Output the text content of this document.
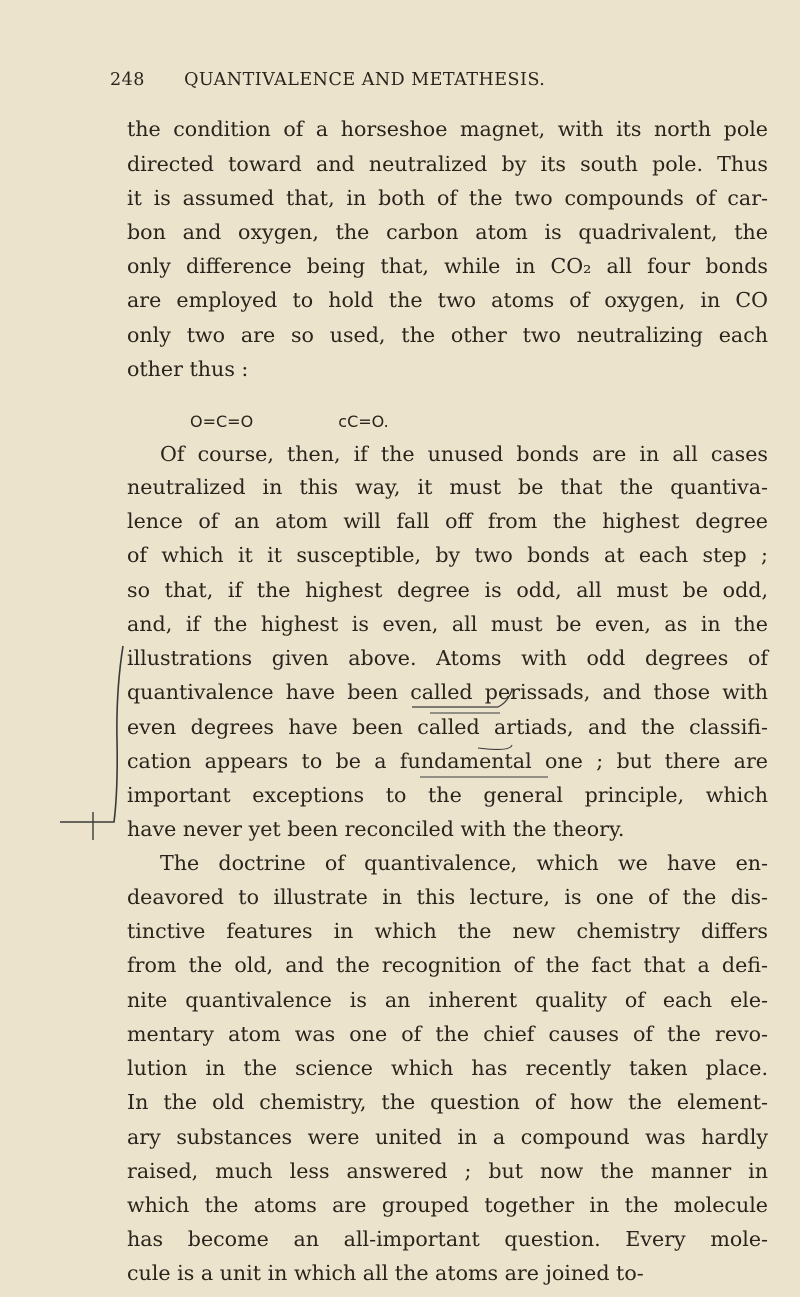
248 QUANTIVALENCE AND METATHESIS.
the condition of a horseshoe magnet, with its north pole
directed toward and neutralized by its south pole. Thus
it is assumed that, in both of the two compounds of car-
bon and oxygen, the carbon atom is quadrivalent, the
only difference being that, while in CO₂ all four bonds
are employed to hold the two atoms of oxygen, in CO
only two are so used, the other two neutralizing each
other thus :
O=C=O	cC=O.
Of course, then, if the unused bonds are in all cases
neutralized in this way, it must be that the quantiva-
lence of an atom will fall off from the highest degree
of which it it susceptible, by two bonds at each step ;
so that, if the highest degree is odd, all must be odd,
and, if the highest is even, all must be even, as in the
illustrations given above. Atoms with odd degrees of
quantivalence have been called perissads, and those with
even degrees have been called artiads, and the classifi-
cation appears to be a fundamental one ; but there are
important exceptions to the general principle, which
have never yet been reconciled with the theory.
The doctrine of quantivalence, which we have en-
deavored to illustrate in this lecture, is one of the dis-
tinctive features in which the new chemistry differs
from the old, and the recognition of the fact that a defi-
nite quantivalence is an inherent quality of each ele-
mentary atom was one of the chief causes of the revo-
lution in the science which has recently taken place.
In the old chemistry, the question of how the element-
ary substances were united in a compound was hardly
raised, much less answered ; but now the manner in
which the atoms are grouped together in the molecule
has become an all-important question. Every mole-
cule is a unit in which all the atoms are joined to-
